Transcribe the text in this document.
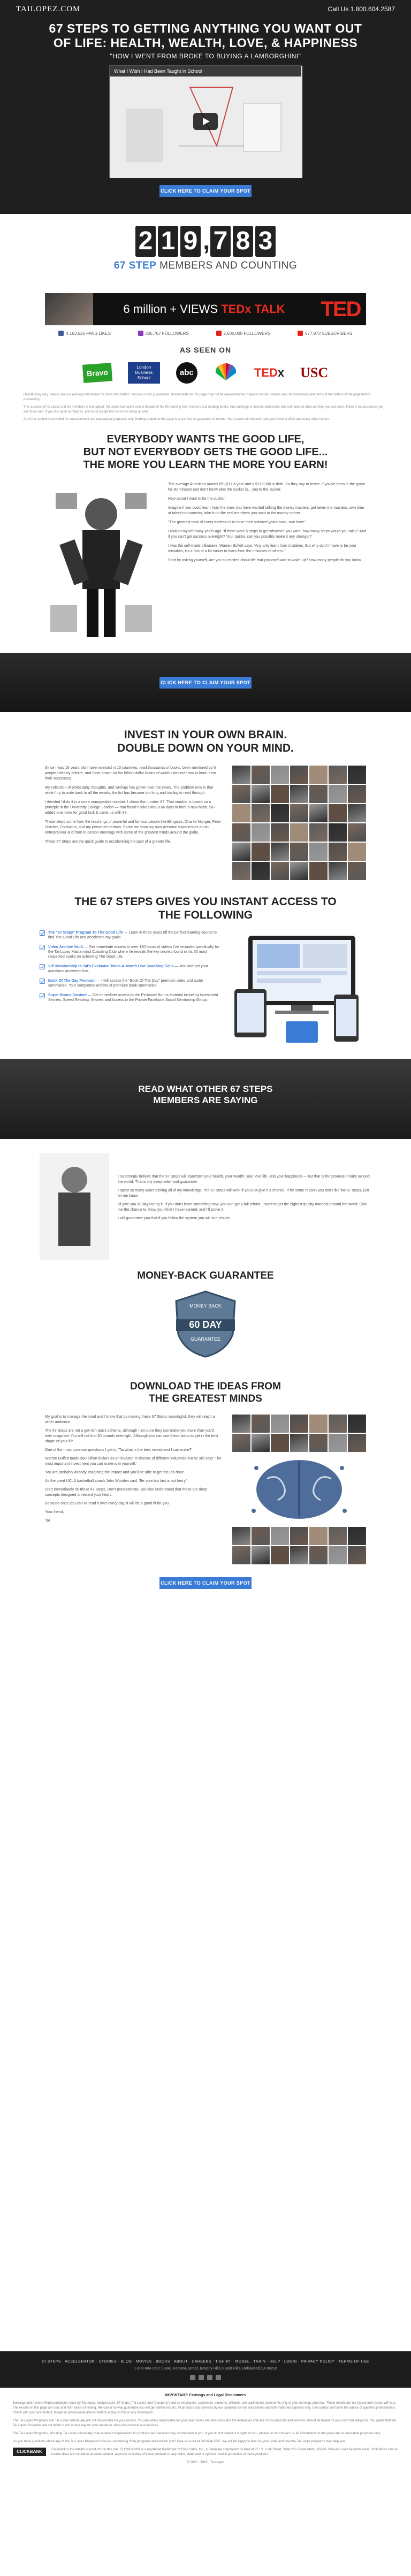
TAILOPEZ.COM	Call Us 1.800.604.2587
67 STEPS TO GETTING ANYTHING YOU WANT OUT OF LIFE: HEALTH, WEALTH, LOVE, & HAPPINESS
"HOW I WENT FROM BROKE TO BUYING A LAMBORGHINI"
What I Wish I Had Been Taught in School
CLICK HERE TO CLAIM YOUR SPOT
2 1 9 , 7 8 3
67 STEP MEMBERS AND COUNTING
6 million + VIEWS TEDx TALK	TED
4,163,526 FANS LIKES	306,767 FOLLOWERS	2,600,000 FOLLOWERS	877,973 SUBSCRIBERS
AS SEEN ON
Bravo
London Business School
abc	TEDx USC

Results may vary. Please see our earnings disclaimer for more information. Success is not guaranteed. Testimonials on this page may not be representative of typical results. Please read all disclaimers and terms at the bottom of the page before proceeding.

The success of Tai Lopez and his members is not typical. Tai Lopez has spent over a decade of his life learning from mentors and reading books. Any earnings or income statements are estimates of what we think you can earn. There is no assurance you will do as well. If you rely upon our figures, you must accept the risk of not doing as well.

All of the content is provided for entertainment and educational purposes only. Nothing stated on this page is a promise or guarantee of results. Your results will depend upon your level of effort and many other factors.

EVERYBODY WANTS THE GOOD LIFE,
BUT NOT EVERYBODY GETS THE GOOD LIFE...
THE MORE YOU LEARN THE MORE YOU EARN!

The average American makes $51,017 a year and a $120,000 in debt. So they say to better. If you've been in the game for 30 minutes and don't know who the sucker is... you're the sucker.

How about I want to be the sucker.

Imagine if you could learn from the ones you have wanted talking the money masters, get taken the masters, own time at talent monuments, take truth the real members you want in the money corner.

"The greatest rank of every tradesin is to have their sobered years back, tout have"

I ranked myself many years ago: 'If there were 5 steps to get whatever you want, how many steps would you take?' And if you can't get success overnight? Your quitter, can you possibly make it any stronger?

I was the self-made billionaire. Warren Buffett says, 'Any only learn from mistakes. But why don't I have to be your mistakes, it's a fact of a lot easier to learn from the mistakes of others.'

Start by asking yourself, are you so excited about life that you can't wait to wake up? How many people do you know...

CLICK HERE TO CLAIM YOUR SPOT
INVEST IN YOUR OWN BRAIN.
DOUBLE DOWN ON YOUR MIND.

Since I was 16 years old I have invested in 10 countries, read thousands of books, been mentored by 5 people I deeply admire, and have drawn on the billion-dollar brains of world-class mentors to learn from their successes.

My collection of philosophy, thoughts, and savings has grown over the years. The problem now is that while I try to write back to all the emails, the list has become too long and too big to read through.

I decided I'd do it in a more manageable number. I chose the number 67. That number is based on a principle in the University College London — that found it takes about 66 days to form a new habit. So I added one more for good luck & came up with 67.

These steps come from the teachings of powerful and famous people like Bill gates, Charlie Munger, Peter Drucker, Confucius, and my personal mentors. Some are from my own personal experiences as an entrepreneur and from in-person meetings with some of the greatest minds around the globe.

These 67 Steps are the quick guide to accelerating the path of a greater life.

THE 67 STEPS GIVES YOU INSTANT ACCESS TO
THE FOLLOWING
The "67 Steps" Program To The Good Life — Learn in three years off the perfect learning course to find The Good Life and accelerate my goals.
Video Archive Vault — Get immediate access to over 150 hours of videos I've recorded specifically for the Tai Lopez Mastermind Coaching Club where he reveals the key secrets found in his 30 most respected books on achieving The Good Life.
VIP Membership to Tai's Exclusive Twice-A-Month Live Coaching Calls — Join and get your questions answered live.
Book Of The Day Premium — I will access the "Book Of The Day" premium video and audio summaries. Your completely archive of premium book summaries.
Super Bonus Content — Get immediate access to the Exclusive Bonus Material including Investment Secrets, Speed Reading, Secrets and Access to the Private Facebook Social Mentorship Group.
READ WHAT OTHER 67 STEPS
MEMBERS ARE SAYING

I so strongly believe that the 67 Steps will transform your health, your wealth, your love life, and your happiness — but that is the promise I make around the world. That is my deep belief and guarantee.

I spent so many years picking all of my knowledge. The 67 Steps will work if you just give it a chance. If for some reason you don't like the 67 steps, just let me know.

I'll give you 60 days to try it. If you don't learn something new, you can get a full refund. I want to get the highest quality material around the world. Give me the chance to show you what I have learned, and I'll prove it.

I will guarantee you that if you follow the system you will see results.

MONEY-BACK GUARANTEE
MONEY BACK
60 DAY
GUARANTEE
DOWNLOAD THE IDEAS FROM
THE GREATEST MINDS

My goal is to manage the mind and I know that by making these 67 Steps meaningful, they will reach a wider audience.

The 67 Steps are not a get-rich-quick scheme, although I am sure they can make you more than you'd ever imagined. You will not find 30 pounds overnight. Although you can use these steps to get in the best shape of your life.

One of the most common questions I get is, 'Tai what is the best investment I can make?'

Warren Buffett made $60 billion dollars as an investor in dozens of different industries but he still says 'The most important investment you can make is in yourself.'

You are probably already imagining the impact and you'll be able to get the job done.

As the great UCLA basketball coach John Wooden said, 'Be sure but fast is not hurry.'

Start immediately on these 67 Steps. Don't procrastinate. But also understand that these are deep concepts designed to reward your heart.

Because once you can re-read it over every day, it will be a good fit for you.

Your friend,

Tai

CLICK HERE TO CLAIM YOUR SPOT
67 STEPS · ACCELERATOR · STORIES · BLOG · MOVIES · BOOKS · ABOUT · CAREERS · T-SHIRT · MODEL · TRAIN · HELP · LOGIN · PRIVACY POLICY · TERMS OF USE
1-800-604-2587 | 9841 Fontana Street, Beverly Hills 9 Sold Hills, Hollywood CA 90210
IMPORTANT: Earnings and Legal Disclaimers

Earnings and Income Representations made by Tai Lopez, tailopez.com, 67 Steps ('Tai Lopez' and 'Company') and its employees, customers, students, affiliates, are aspirational statements only of your earnings potential. These results are not typical and results will vary. The results on this page are ours and from years of testing. We can in no way guarantee you will get similar results. All products and services by our company are for educational and informational purposes only. Use caution and seek the advice of qualified professionals. Check with your accountant, lawyer or professional advisor before acting on this or any information.

The Tai Lopez Programs and Tai Lopez individually are not responsible for your actions. You are solely responsible for your own moves and decisions and the evaluation and use of our products and services should be based on your own due diligence. You agree that the Tai Lopez Programs are not liable to you in any way for your results in using our products and services.

The Tai Lopez Programs, including Tai Lopez personally, may receive compensation for products and services they recommend to you. If you do not believe it is right for you, please do not contact us. All information on this page are for education purposes only.

Do you have questions about any of the Tai Lopez Programs? Are you wondering if the programs will work for you? Give us a call at 800-604-2587. We will be happy to discuss your goals and how the Tai Lopez programs may help you.

CLICKBANK	ClickBank is the retailer of products on this site. CLICKBANK® is a registered trademark of Click Sales, Inc., a Delaware corporation located at 917 S. Lusk Street, Suite 200, Boise Idaho, 83706, USA and used by permission. ClickBank's role as retailer does not constitute an endorsement, approval or review of these products or any claim, statement or opinion used in promotion of these products.

© 2017 - 2019 · Tai Lopez
